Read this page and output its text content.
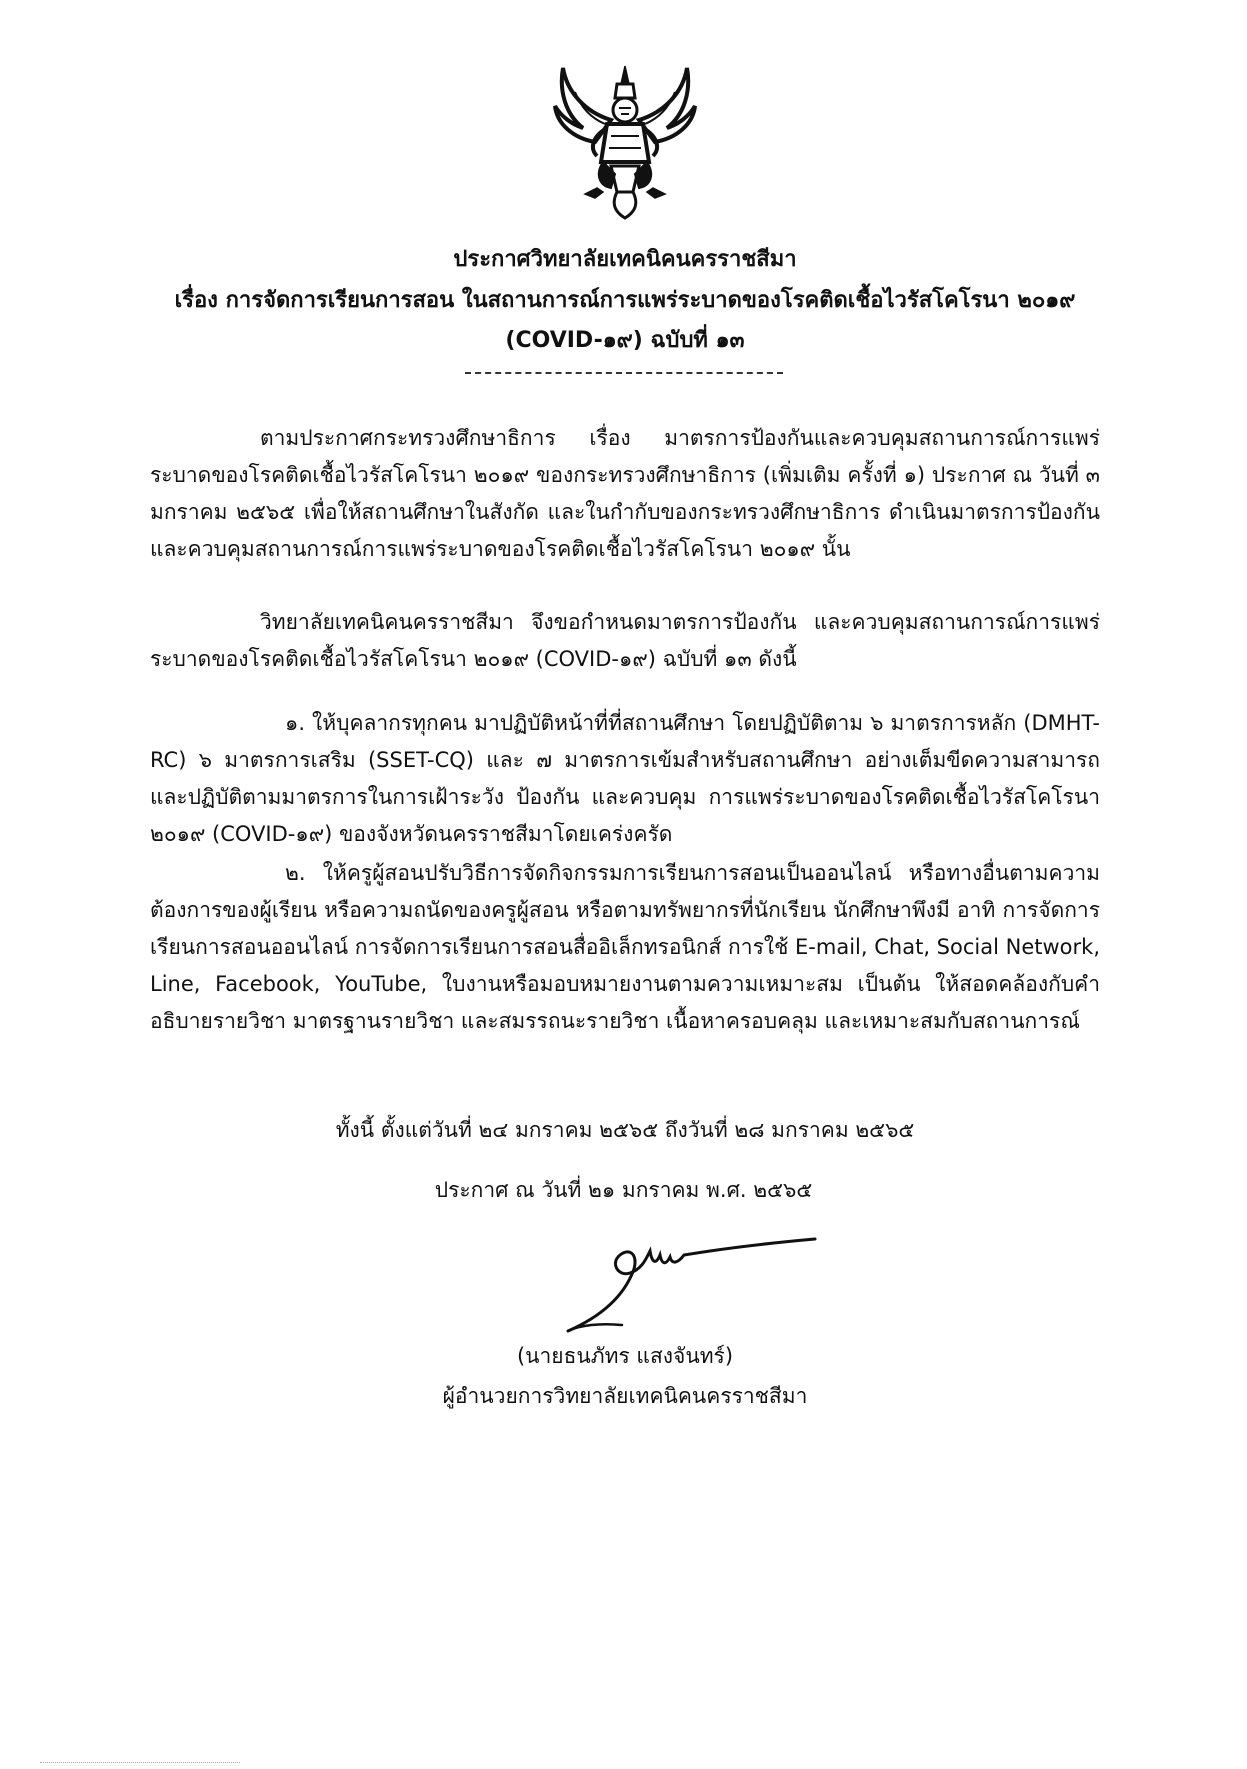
ประกาศวิทยาลัยเทคนิคนครราชสีมา
เรื่อง การจัดการเรียนการสอน ในสถานการณ์การแพร่ระบาดของโรคติดเชื้อไวรัสโคโรนา ๒๐๑๙
(COVID-๑๙) ฉบับที่ ๑๓
ตามประกาศกระทรวงศึกษาธิการ เรื่อง มาตรการป้องกันและควบคุมสถานการณ์การแพร่ระบาดของโรคติดเชื้อไวรัสโคโรนา ๒๐๑๙ ของกระทรวงศึกษาธิการ (เพิ่มเติม ครั้งที่ ๑) ประกาศ ณ วันที่ ๓ มกราคม ๒๕๖๕ เพื่อให้สถานศึกษาในสังกัด และในกำกับของกระทรวงศึกษาธิการ ดำเนินมาตรการป้องกัน และควบคุมสถานการณ์การแพร่ระบาดของโรคติดเชื้อไวรัสโคโรนา ๒๐๑๙ นั้น
วิทยาลัยเทคนิคนครราชสีมา จึงขอกำหนดมาตรการป้องกัน และควบคุมสถานการณ์การแพร่ระบาดของโรคติดเชื้อไวรัสโคโรนา ๒๐๑๙ (COVID-๑๙) ฉบับที่ ๑๓ ดังนี้
๑. ให้บุคลากรทุกคน มาปฏิบัติหน้าที่ที่สถานศึกษา โดยปฏิบัติตาม ๖ มาตรการหลัก (DMHT-RC) ๖ มาตรการเสริม (SSET-CQ) และ ๗ มาตรการเข้มสำหรับสถานศึกษา อย่างเต็มขีดความสามารถ และปฏิบัติตามมาตรการในการเฝ้าระวัง ป้องกัน และควบคุม การแพร่ระบาดของโรคติดเชื้อไวรัสโคโรนา ๒๐๑๙ (COVID-๑๙) ของจังหวัดนครราชสีมาโดยเคร่งครัด
๒. ให้ครูผู้สอนปรับวิธีการจัดกิจกรรมการเรียนการสอนเป็นออนไลน์ หรือทางอื่นตามความต้องการของผู้เรียน หรือความถนัดของครูผู้สอน หรือตามทรัพยากรที่นักเรียน นักศึกษาพึงมี อาทิ การจัดการเรียนการสอนออนไลน์ การจัดการเรียนการสอนสื่ออิเล็กทรอนิกส์ การใช้ E-mail, Chat, Social Network, Line, Facebook, YouTube, ใบงานหรือมอบหมายงานตามความเหมาะสม เป็นต้น ให้สอดคล้องกับคำอธิบายรายวิชา มาตรฐานรายวิชา และสมรรถนะรายวิชา เนื้อหาครอบคลุม และเหมาะสมกับสถานการณ์
ทั้งนี้ ตั้งแต่วันที่ ๒๔ มกราคม ๒๕๖๕ ถึงวันที่ ๒๘ มกราคม ๒๕๖๕
ประกาศ ณ วันที่ ๒๑ มกราคม พ.ศ. ๒๕๖๕
(นายธนภัทร แสงจันทร์)
ผู้อำนวยการวิทยาลัยเทคนิคนครราชสีมา
